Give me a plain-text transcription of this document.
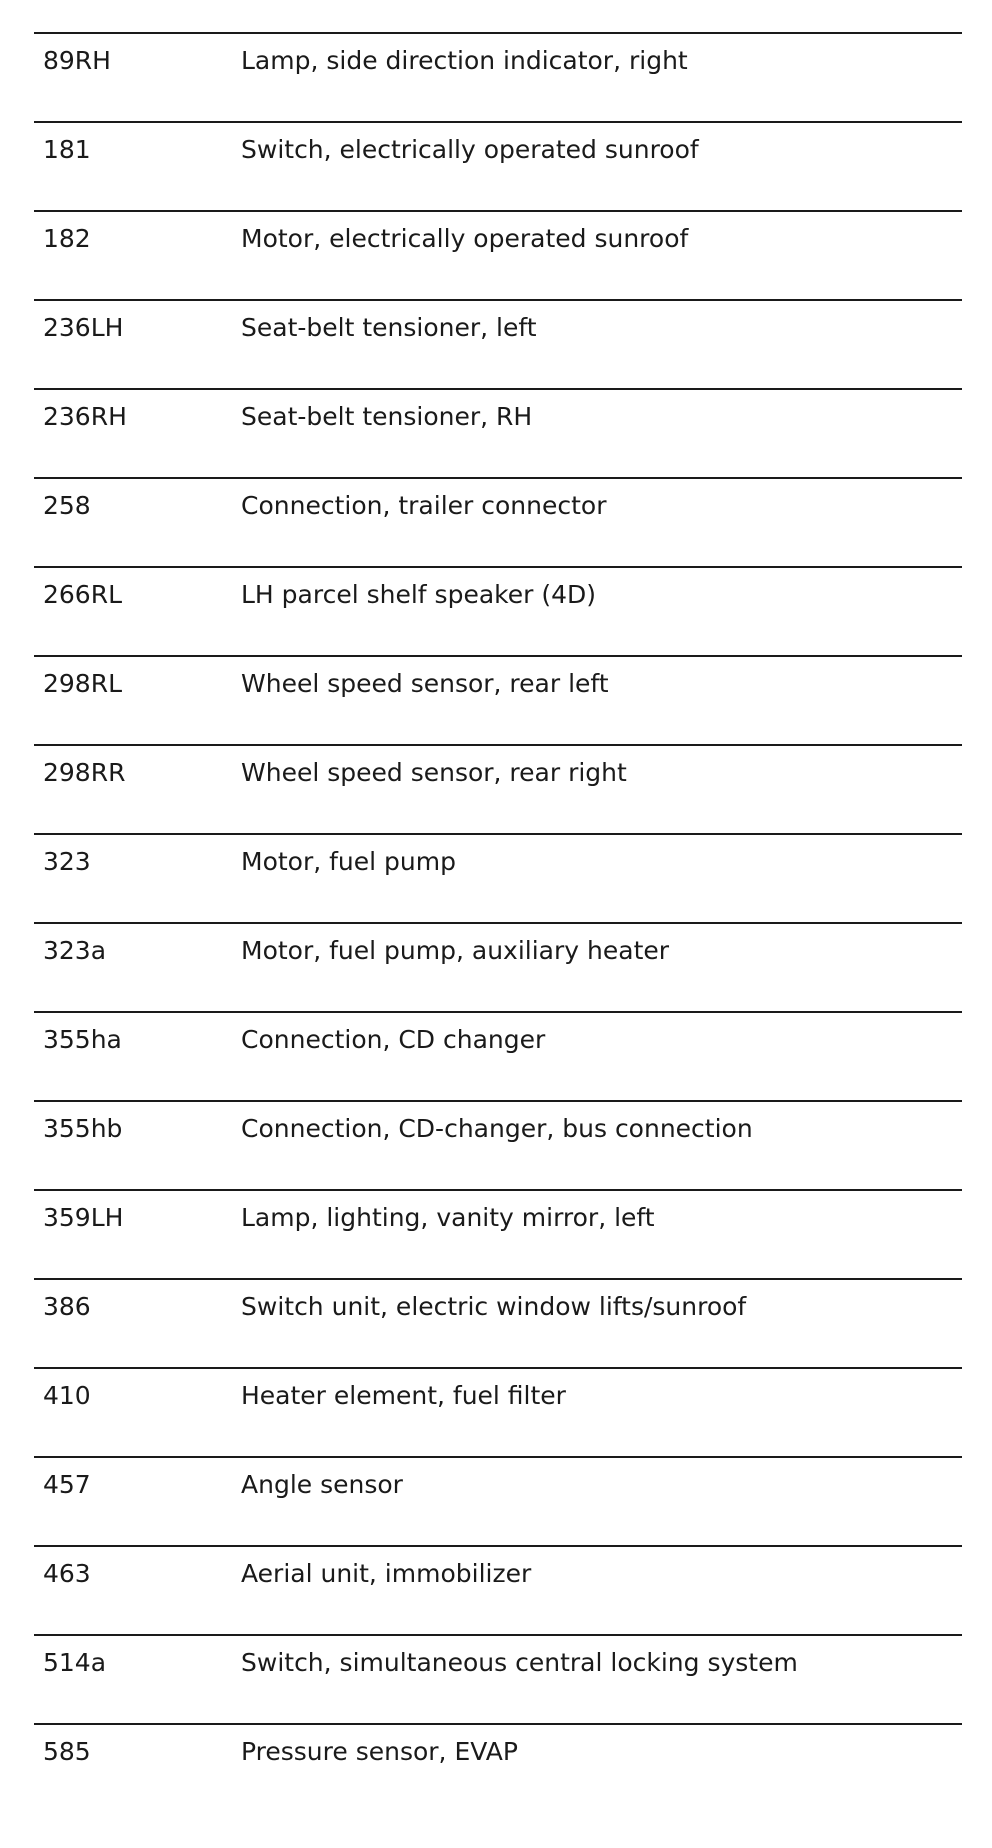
89RH	Lamp, side direction indicator, right
181	Switch, electrically operated sunroof
182	Motor, electrically operated sunroof
236LH	Seat-belt tensioner, left
236RH	Seat-belt tensioner, RH
258	Connection, trailer connector
266RL	LH parcel shelf speaker (4D)
298RL	Wheel speed sensor, rear left
298RR	Wheel speed sensor, rear right
323	Motor, fuel pump
323a	Motor, fuel pump, auxiliary heater
355ha	Connection, CD changer
355hb	Connection, CD-changer, bus connection
359LH	Lamp, lighting, vanity mirror, left
386	Switch unit, electric window lifts/sunroof
410	Heater element, fuel filter
457	Angle sensor
463	Aerial unit, immobilizer
514a	Switch, simultaneous central locking system
585	Pressure sensor, EVAP
